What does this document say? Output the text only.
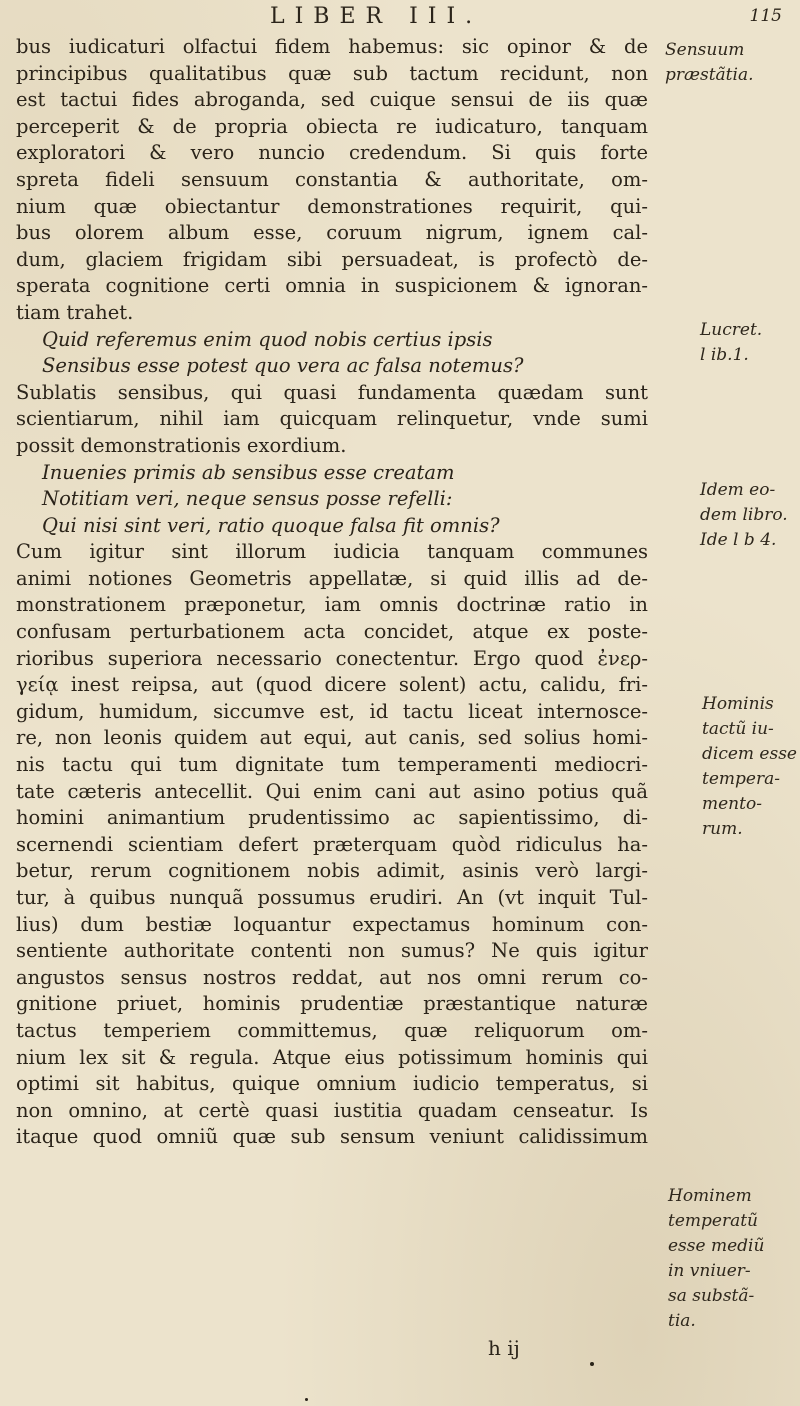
LIBER III.	115
bus iudicaturi olfactui fidem habemus: sic opinor & de
principibus qualitatibus quæ sub tactum recidunt, non
est tactui fides abroganda, sed cuique sensui de iis quæ
perceperit & de propria obiecta re iudicaturo, tanquam
exploratori & vero nuncio credendum. Si quis forte
spreta fideli sensuum constantia & authoritate, om-
nium quæ obiectantur demonstrationes requirit, qui-
bus olorem album esse, coruum nigrum, ignem cal-
dum, glaciem frigidam sibi persuadeat, is profectò de-
sperata cognitione certi omnia in suspicionem & ignoran-
tiam trahet.
Quid referemus enim quod nobis certius ipsis
Sensibus esse potest quo vera ac falsa notemus?
Sublatis sensibus, qui quasi fundamenta quædam sunt
scientiarum, nihil iam quicquam relinquetur, vnde sumi
possit demonstrationis exordium.
Inuenies primis ab sensibus esse creatam
Notitiam veri, neque sensus posse refelli:
Qui nisi sint veri, ratio quoque falsa fit omnis?
Cum igitur sint illorum iudicia tanquam communes
animi notiones Geometris appellatæ, si quid illis ad de-
monstrationem præponetur, iam omnis doctrinæ ratio in
confusam perturbationem acta concidet, atque ex poste-
rioribus superiora necessario conectentur. Ergo quod ἐνερ-
γείᾳ inest reipsa, aut (quod dicere solent) actu, calidu, fri-
gidum, humidum, siccumve est, id tactu liceat internosce-
re, non leonis quidem aut equi, aut canis, sed solius homi-
nis tactu qui tum dignitate tum temperamenti mediocri-
tate cæteris antecellit. Qui enim cani aut asino potius quã
homini animantium prudentissimo ac sapientissimo, di-
scernendi scientiam defert præterquam quòd ridiculus ha-
betur, rerum cognitionem nobis adimit, asinis verò largi-
tur, à quibus nunquã possumus erudiri. An (vt inquit Tul-
lius) dum bestiæ loquantur expectamus hominum con-
sentiente authoritate contenti non sumus? Ne quis igitur
angustos sensus nostros reddat, aut nos omni rerum co-
gnitione priuet, hominis prudentiæ præstantique naturæ
tactus temperiem committemus, quæ reliquorum om-
nium lex sit & regula. Atque eius potissimum hominis qui
optimi sit habitus, quique omnium iudicio temperatus, si
non omnino, at certè quasi iustitia quadam censeatur. Is
itaque quod omniũ quæ sub sensum veniunt calidissimum
Sensuum
præstãtia.
Lucret.
l ib.1.
Idem eo-
dem libro.
Ide l b 4.
Hominis
tactũ iu-
dicem esse
tempera-
mento-
rum.
Hominem
temperatũ
esse mediũ
in vniuer-
sa substã-
tia.
h ij
